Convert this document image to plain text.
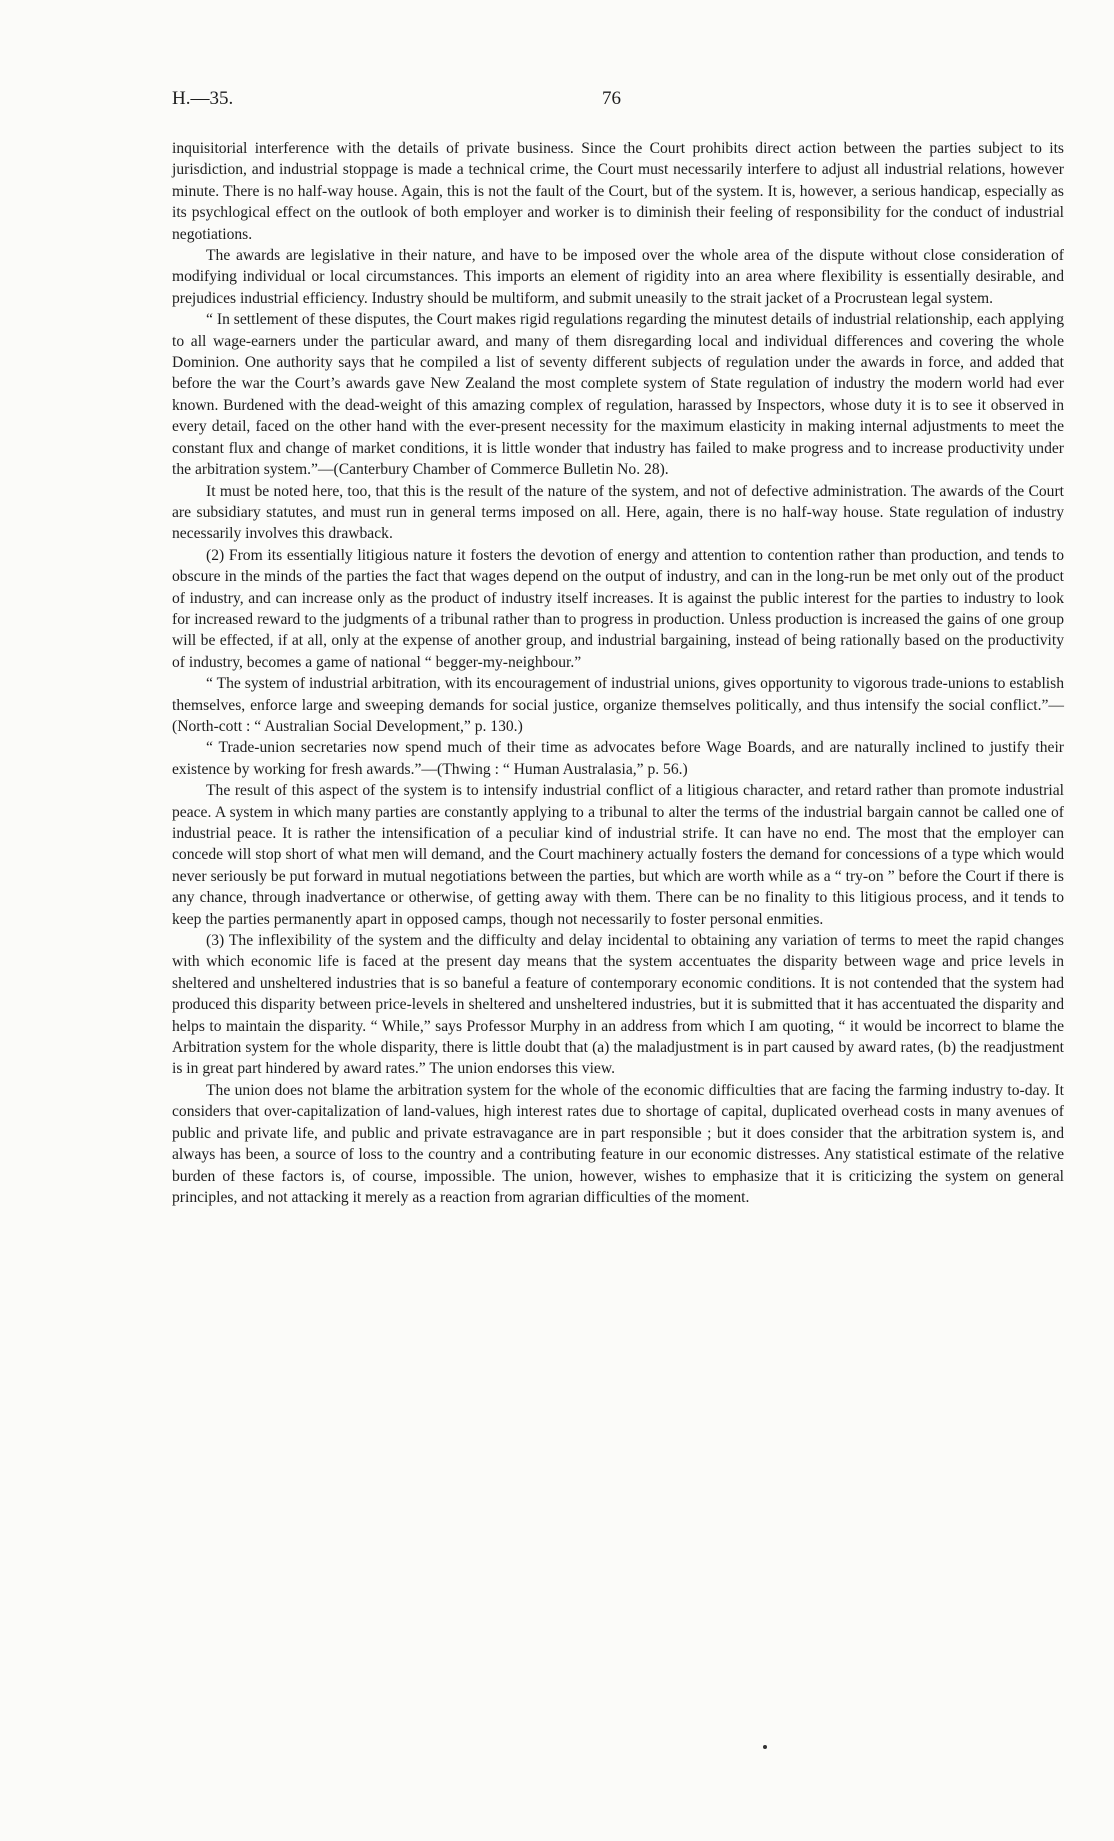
H.—35.	76

inquisitorial interference with the details of private business. Since the Court prohibits direct action between the parties subject to its jurisdiction, and industrial stoppage is made a technical crime, the Court must necessarily interfere to adjust all industrial relations, however minute. There is no half-way house. Again, this is not the fault of the Court, but of the system. It is, however, a serious handicap, especially as its psychlogical effect on the outlook of both employer and worker is to diminish their feeling of responsibility for the conduct of industrial negotiations.

The awards are legislative in their nature, and have to be imposed over the whole area of the dispute without close consideration of modifying individual or local circumstances. This imports an element of rigidity into an area where flexibility is essentially desirable, and prejudices industrial efficiency. Industry should be multiform, and submit uneasily to the strait jacket of a Procrustean legal system.

“ In settlement of these disputes, the Court makes rigid regulations regarding the minutest details of industrial relationship, each applying to all wage-earners under the particular award, and many of them disregarding local and individual differences and covering the whole Dominion. One authority says that he compiled a list of seventy different subjects of regulation under the awards in force, and added that before the war the Court’s awards gave New Zealand the most complete system of State regulation of industry the modern world had ever known. Burdened with the dead-weight of this amazing complex of regulation, harassed by Inspectors, whose duty it is to see it observed in every detail, faced on the other hand with the ever-present necessity for the maximum elasticity in making internal adjustments to meet the constant flux and change of market conditions, it is little wonder that industry has failed to make progress and to increase productivity under the arbitration system.”—(Canterbury Chamber of Commerce Bulletin No. 28).

It must be noted here, too, that this is the result of the nature of the system, and not of defective administration. The awards of the Court are subsidiary statutes, and must run in general terms imposed on all. Here, again, there is no half-way house. State regulation of industry necessarily involves this drawback.

(2) From its essentially litigious nature it fosters the devotion of energy and attention to contention rather than production, and tends to obscure in the minds of the parties the fact that wages depend on the output of industry, and can in the long-run be met only out of the product of industry, and can increase only as the product of industry itself increases. It is against the public interest for the parties to industry to look for increased reward to the judgments of a tribunal rather than to progress in production. Unless production is increased the gains of one group will be effected, if at all, only at the expense of another group, and industrial bargaining, instead of being rationally based on the productivity of industry, becomes a game of national “ begger-my-neighbour.”

“ The system of industrial arbitration, with its encouragement of industrial unions, gives opportunity to vigorous trade-unions to establish themselves, enforce large and sweeping demands for social justice, organize themselves politically, and thus intensify the social conflict.”—(North-cott : “ Australian Social Development,” p. 130.)

“ Trade-union secretaries now spend much of their time as advocates before Wage Boards, and are naturally inclined to justify their existence by working for fresh awards.”—(Thwing : “ Human Australasia,” p. 56.)

The result of this aspect of the system is to intensify industrial conflict of a litigious character, and retard rather than promote industrial peace. A system in which many parties are constantly applying to a tribunal to alter the terms of the industrial bargain cannot be called one of industrial peace. It is rather the intensification of a peculiar kind of industrial strife. It can have no end. The most that the employer can concede will stop short of what men will demand, and the Court machinery actually fosters the demand for concessions of a type which would never seriously be put forward in mutual negotiations between the parties, but which are worth while as a “ try-on ” before the Court if there is any chance, through inadvertance or otherwise, of getting away with them. There can be no finality to this litigious process, and it tends to keep the parties permanently apart in opposed camps, though not necessarily to foster personal enmities.

(3) The inflexibility of the system and the difficulty and delay incidental to obtaining any variation of terms to meet the rapid changes with which economic life is faced at the present day means that the system accentuates the disparity between wage and price levels in sheltered and unsheltered industries that is so baneful a feature of contemporary economic conditions. It is not contended that the system had produced this disparity between price-levels in sheltered and unsheltered industries, but it is submitted that it has accentuated the disparity and helps to maintain the disparity. “ While,” says Professor Murphy in an address from which I am quoting, “ it would be incorrect to blame the Arbitration system for the whole disparity, there is little doubt that (a) the maladjustment is in part caused by award rates, (b) the readjustment is in great part hindered by award rates.” The union endorses this view.

The union does not blame the arbitration system for the whole of the economic difficulties that are facing the farming industry to-day. It considers that over-capitalization of land-values, high interest rates due to shortage of capital, duplicated overhead costs in many avenues of public and private life, and public and private estravagance are in part responsible ; but it does consider that the arbitration system is, and always has been, a source of loss to the country and a contributing feature in our economic distresses. Any statistical estimate of the relative burden of these factors is, of course, impossible. The union, however, wishes to emphasize that it is criticizing the system on general principles, and not attacking it merely as a reaction from agrarian difficulties of the moment.
